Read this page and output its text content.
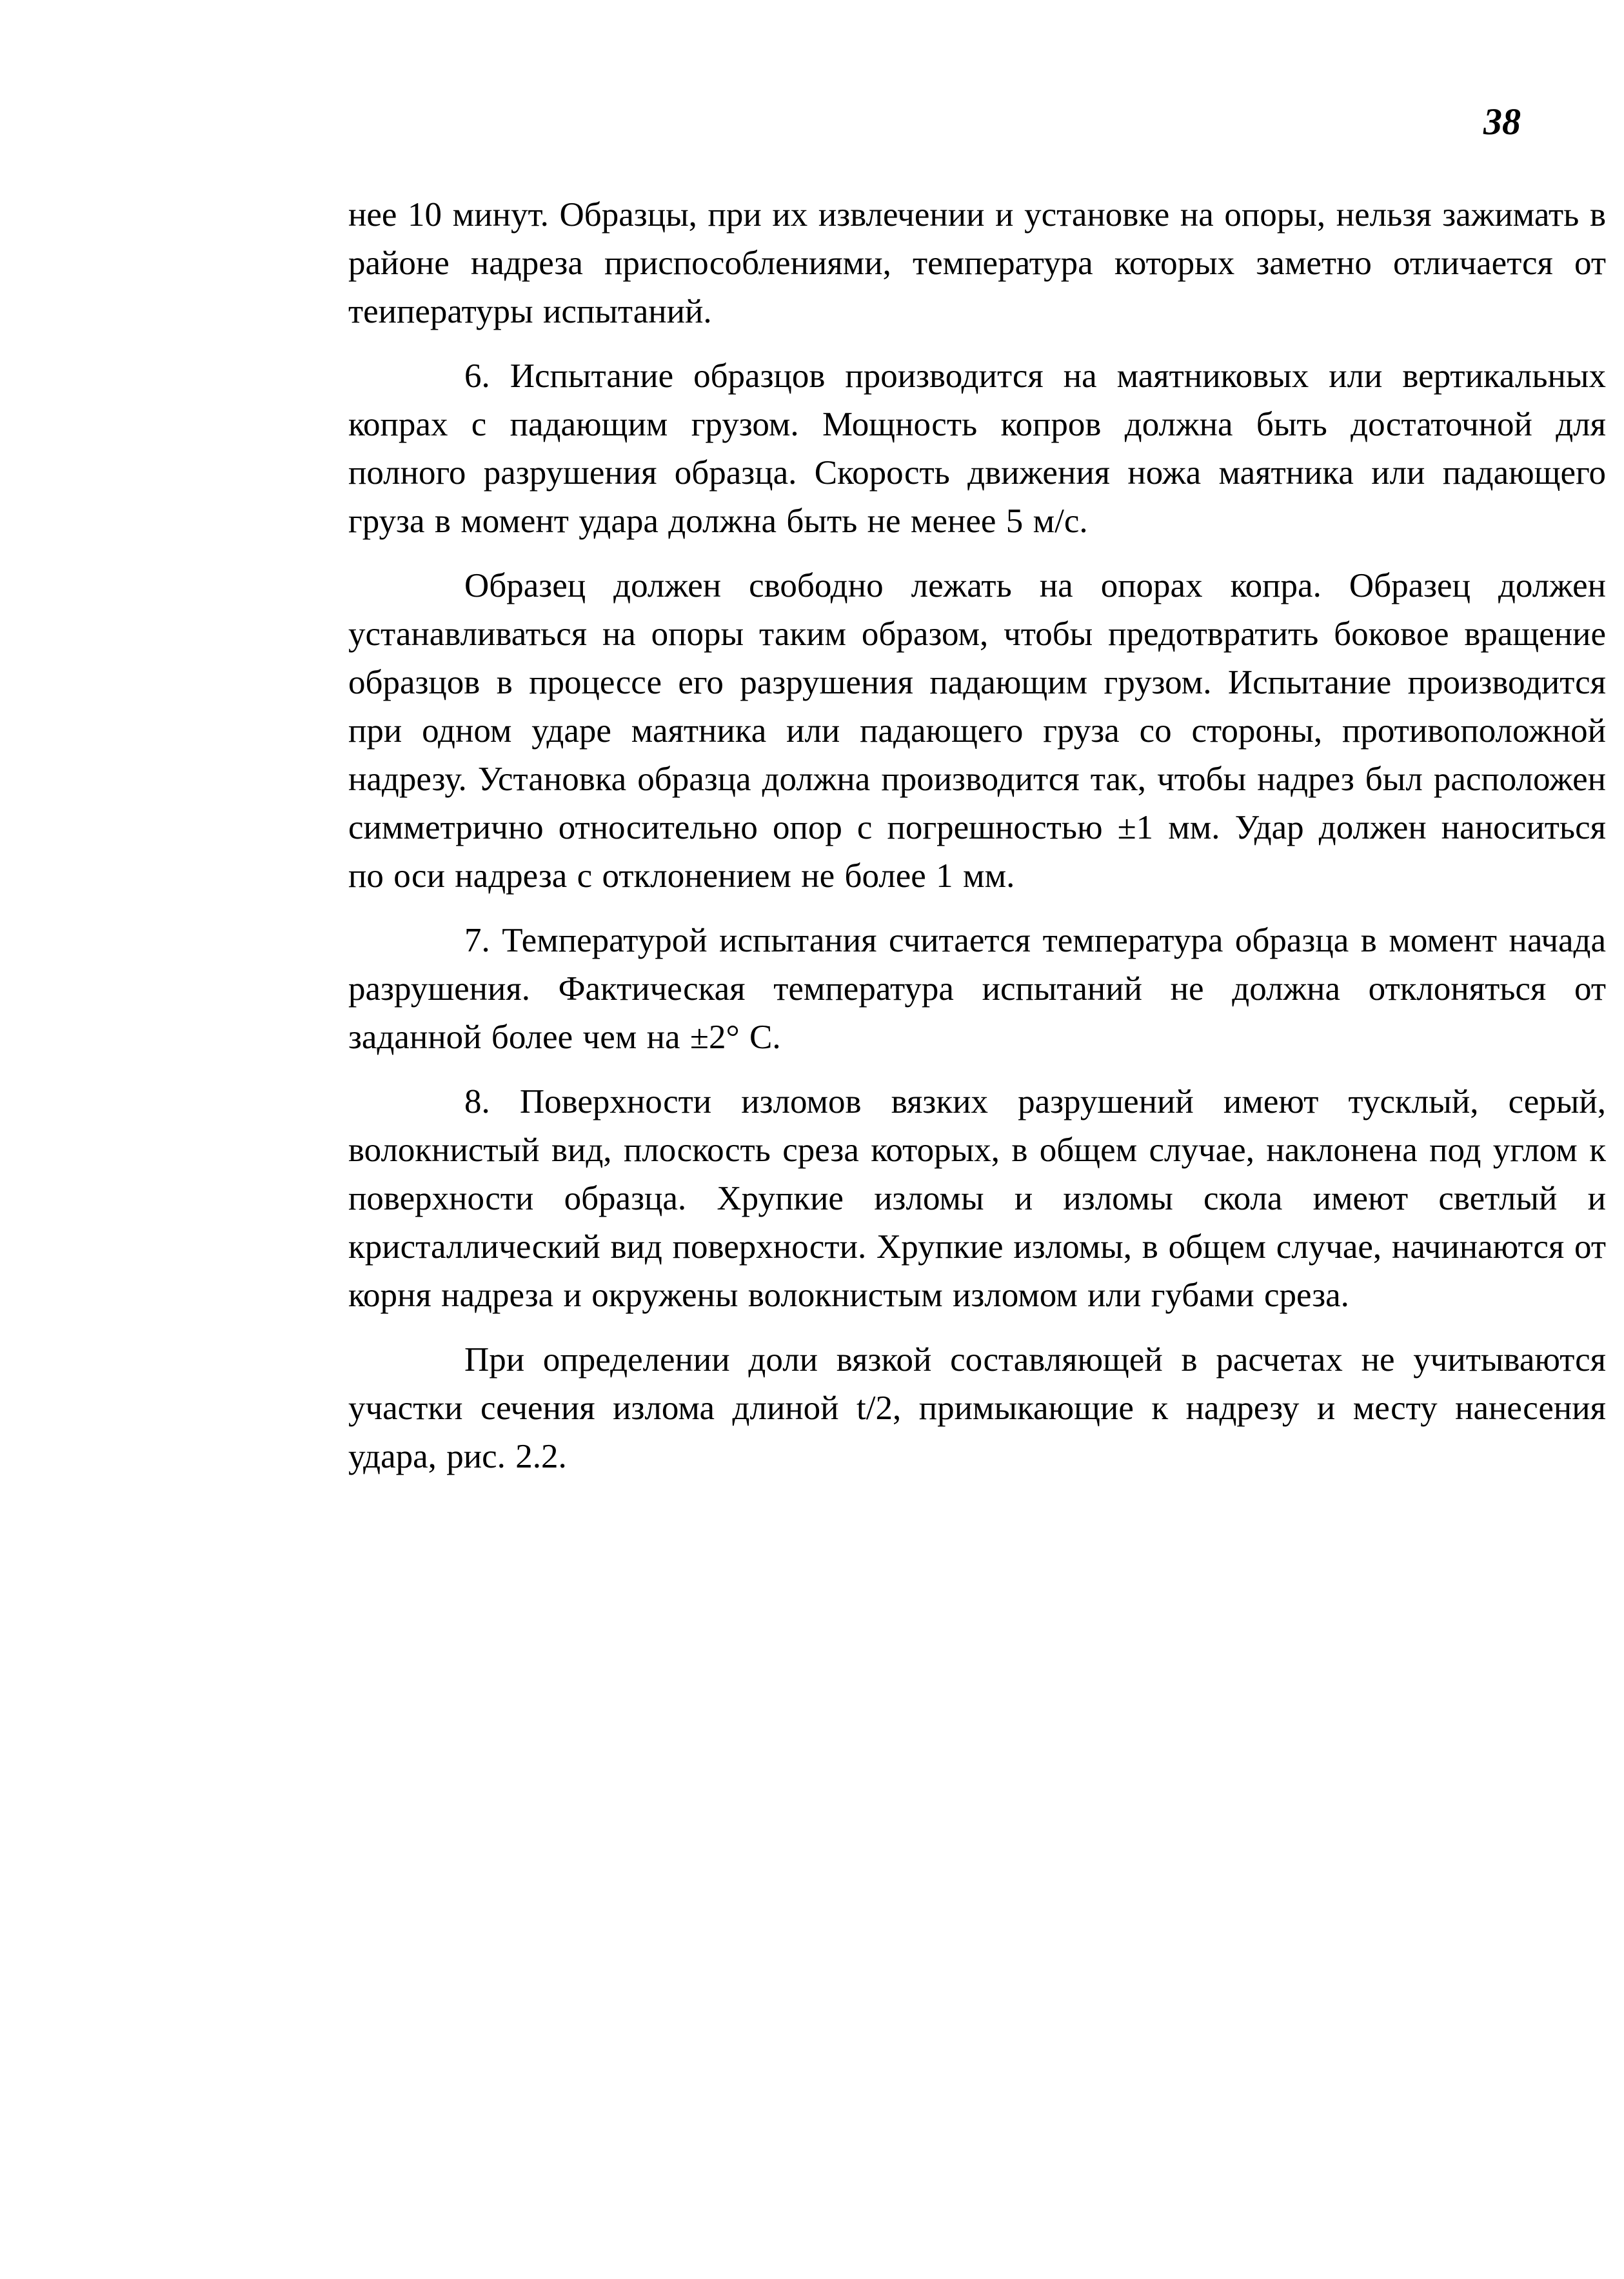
38

нее 10 минут. Образцы, при их извлечении и установке на опоры, нельзя зажимать в районе надреза приспособлениями, температура которых заметно отличается от теипературы испытаний.

6. Испытание образцов производится на маятниковых или вертикальных копрах с падающим грузом. Мощность копров должна быть достаточной для полного разрушения образца. Скорость движения ножа маятника или падающего груза в момент удара должна быть не менее 5 м/с.

Образец должен свободно лежать на опорах копра. Образец должен устанавливаться на опоры таким образом, чтобы предотвратить боковое вращение образцов в процессе его разрушения падающим грузом. Испытание производится при одном ударе маятника или падающего груза со стороны, противоположной надрезу. Установка образца должна производится так, чтобы надрез был расположен симметрично относительно опор с погрешностью ±1 мм. Удар должен наноситься по оси надреза с отклонением не более 1 мм.

7. Температурой испытания считается температура образца в момент начада разрушения. Фактическая температура испытаний не должна отклоняться от заданной более чем на ±2° С.

8. Поверхности изломов вязких разрушений имеют тусклый, серый, волокнистый вид, плоскость среза которых, в общем случае, наклонена под углом к поверхности образца. Хрупкие изломы и изломы скола имеют светлый и кристаллический вид поверхности. Хрупкие изломы, в общем случае, начинаются от корня надреза и окружены волокнистым изломом или губами среза.

При определении доли вязкой составляющей в расчетах не учитываются участки сечения излома длиной t/2, примыкающие к надрезу и месту нанесения удара, рис. 2.2.
